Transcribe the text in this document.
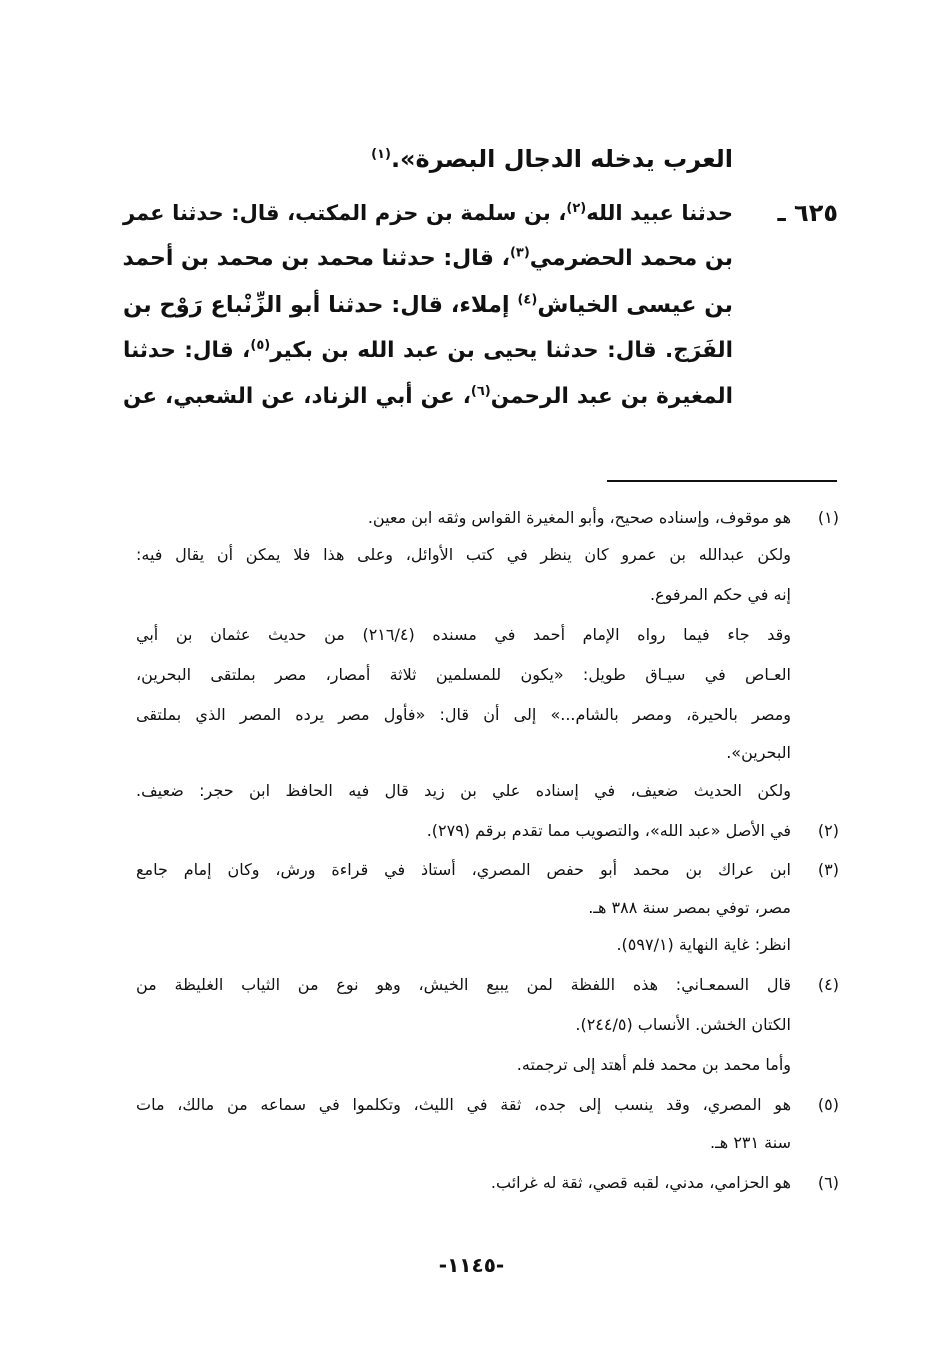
العرب يدخله الدجال البصرة».$^{(١)}$
٦٢٥ ـ
حدثنا عبيد الله$^{(٢)}$، بن سلمة بن حزم المكتب، قال: حدثنا عمر
بن محمد الحضرمي$^{(٣)}$، قال: حدثنا محمد بن محمد بن أحمد
بن عيسى الخياش$^{(٤)}$ إملاء، قال: حدثنا أبو الزِّنْباع رَوْح بن
الفَرَج. قال: حدثنا يحيى بن عبد الله بن بكير$^{(٥)}$، قال: حدثنا
المغيرة بن عبد الرحمن$^{(٦)}$، عن أبي الزناد، عن الشعبي، عن
(١)
هو موقوف، وإسناده صحيح، وأبو المغيرة القواس وثقه ابن معين.
ولكن عبدالله بن عمرو كان ينظر في كتب الأوائل، وعلى هذا فلا يمكن أن يقال فيه:
إنه في حكم المرفوع.
وقد جاء فيما رواه الإمام أحمد في مسنده (٢١٦/٤) من حديث عثمان بن أبي
العـاص في سيـاق طويل: «يكون للمسلمين ثلاثة أمصار، مصر بملتقى البحرين،
ومصر بالحيرة، ومصر بالشام...» إلى أن قال: «فأول مصر يرده المصر الذي بملتقى
البحرين».
ولكن الحديث ضعيف، في إسناده علي بن زيد قال فيه الحافظ ابن حجر: ضعيف.
(٢)
في الأصل «عبد الله»، والتصويب مما تقدم برقم (٢٧٩).
(٣)
ابن عراك بن محمد أبو حفص المصري، أستاذ في قراءة ورش، وكان إمام جامع
مصر، توفي بمصر سنة ٣٨٨ هـ.
انظر: غاية النهاية (٥٩٧/١).
(٤)
قال السمعـاني: هذه اللفظة لمن يبيع الخيش، وهو نوع من الثياب الغليظة من
الكتان الخشن. الأنساب (٢٤٤/٥).
وأما محمد بن محمد فلم أهتد إلى ترجمته.
(٥)
هو المصري، وقد ينسب إلى جده، ثقة في الليث، وتكلموا في سماعه من مالك، مات
سنة ٢٣١ هـ.
(٦)
هو الحزامي، مدني، لقبه قصي، ثقة له غرائب.
-١١٤٥-
